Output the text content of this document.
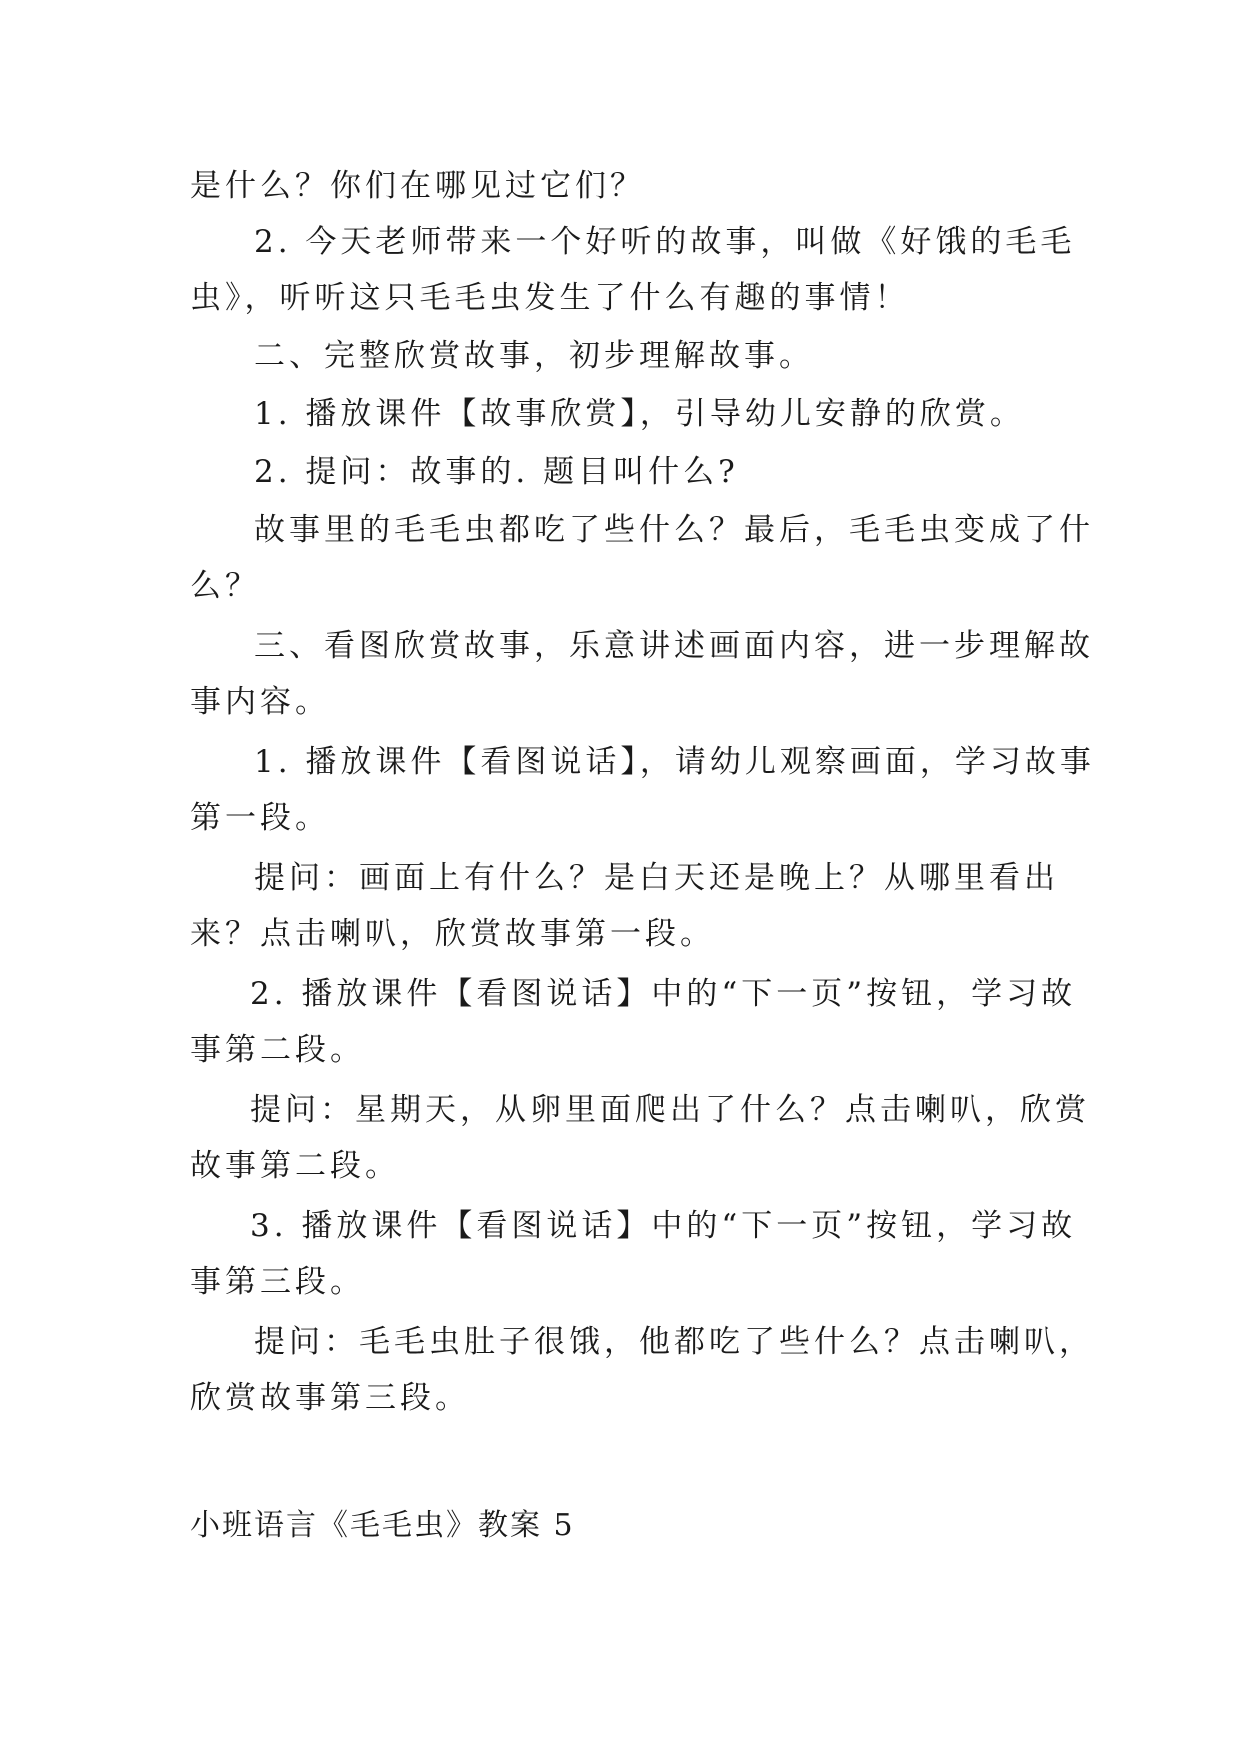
是什么？你们在哪见过它们？
2. 今天老师带来一个好听的故事，叫做《好饿的毛毛
虫》，听听这只毛毛虫发生了什么有趣的事情！
二、完整欣赏故事，初步理解故事。
1. 播放课件【故事欣赏】，引导幼儿安静的欣赏。
2. 提问：故事的. 题目叫什么?
故事里的毛毛虫都吃了些什么？最后，毛毛虫变成了什
么？
三、看图欣赏故事，乐意讲述画面内容，进一步理解故
事内容。
1. 播放课件【看图说话】，请幼儿观察画面，学习故事
第一段。
提问：画面上有什么？是白天还是晚上？从哪里看出
来？点击喇叭，欣赏故事第一段。
2. 播放课件【看图说话】中的“下一页”按钮，学习故
事第二段。
提问：星期天，从卵里面爬出了什么？点击喇叭，欣赏
故事第二段。
3. 播放课件【看图说话】中的“下一页”按钮，学习故
事第三段。
提问：毛毛虫肚子很饿，他都吃了些什么？点击喇叭，
欣赏故事第三段。
小班语言《毛毛虫》教案 5
